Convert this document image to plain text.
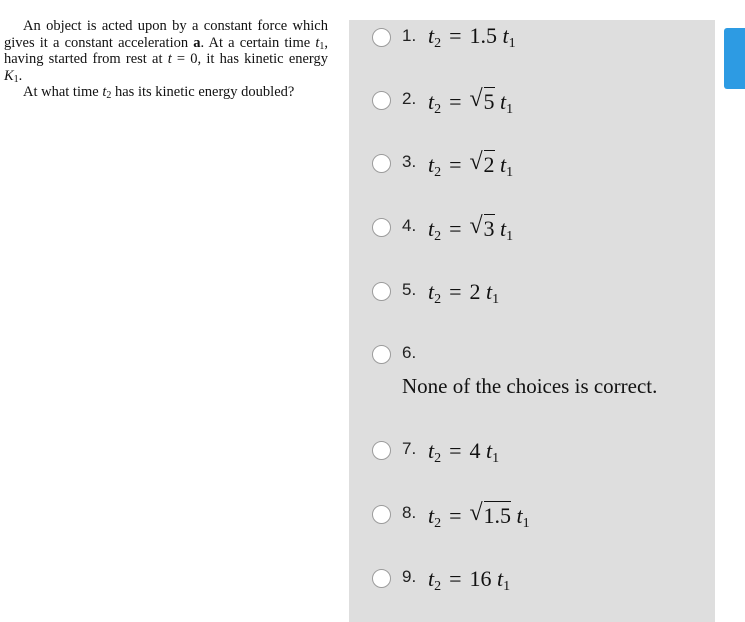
An object is acted upon by a constant force which gives it a constant acceleration a. At a certain time $t_1$, having started from rest at t = 0, it has kinetic energy $K_1$.

At what time $t_2$ has its kinetic energy doubled?

1. $t_2 = 1.5$ $t_1$
2. $t_2$ = √ 5 $t_1$
3. $t_2$ = √ 2 $t_1$
4. $t_2$ = √ 3 $t_1$
5. $t_2 = 2$ $t_1$
6.
None of the choices is correct.
7. $t_2 = 4$ $t_1$
8. $t_2$ = √ 1.5 $t_1$
9. $t_2 = 16$ $t_1$
